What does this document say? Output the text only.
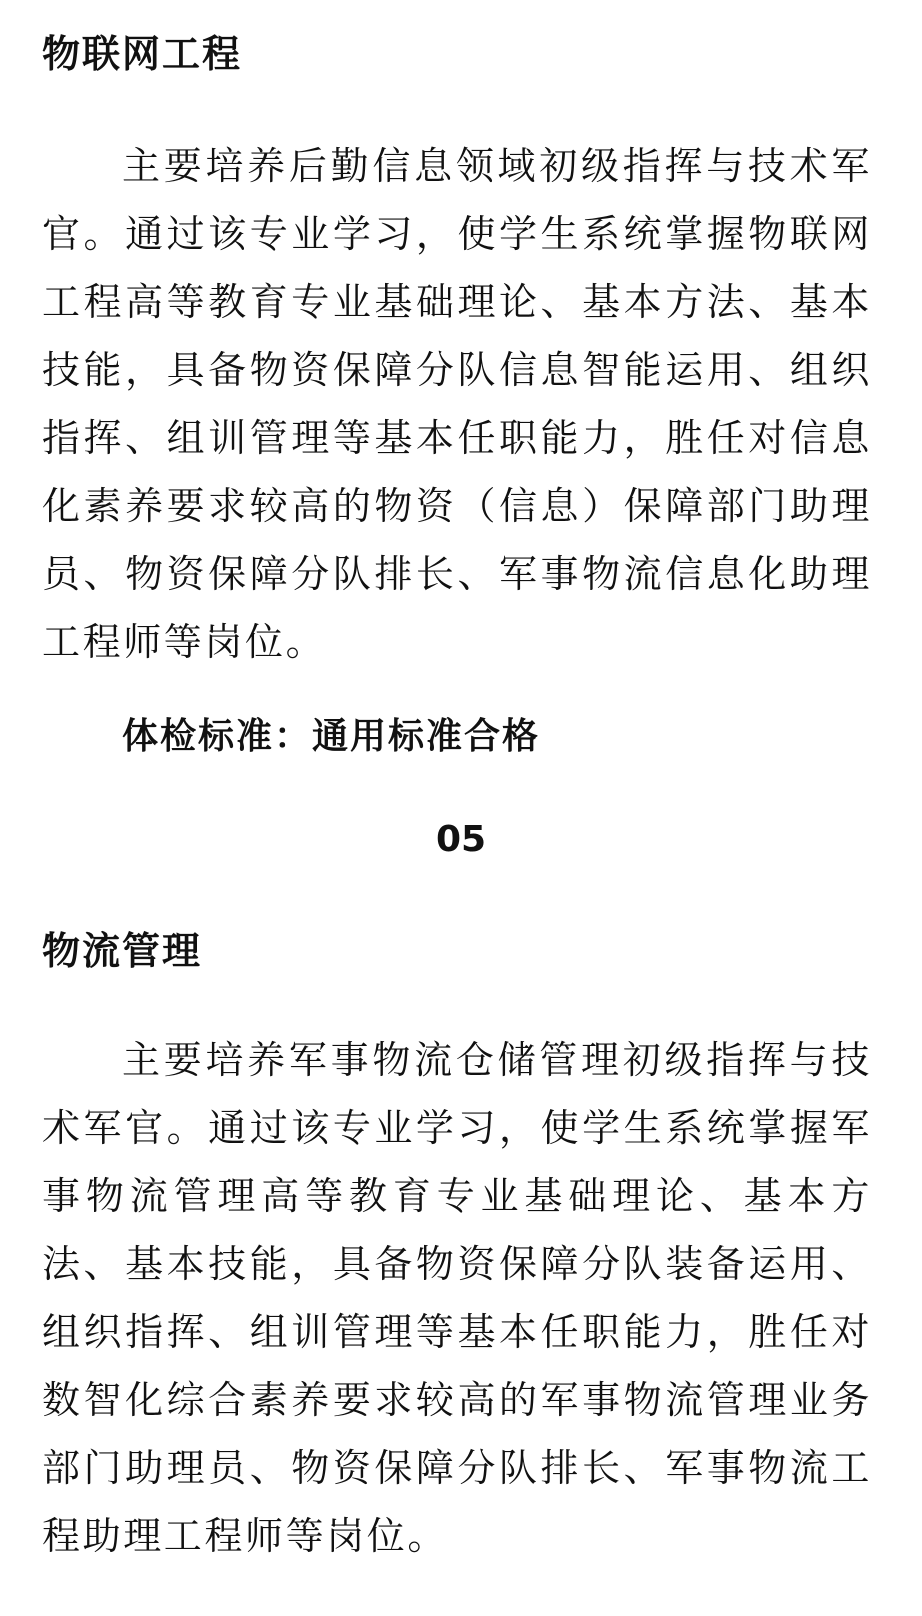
物联网工程

主要培养后勤信息领域初级指挥与技术军官。通过该专业学习，使学生系统掌握物联网工程高等教育专业基础理论、基本方法、基本技能，具备物资保障分队信息智能运用、组织指挥、组训管理等基本任职能力，胜任对信息化素养要求较高的物资（信息）保障部门助理员、物资保障分队排长、军事物流信息化助理工程师等岗位。

体检标准：通用标准合格

05

物流管理

主要培养军事物流仓储管理初级指挥与技术军官。通过该专业学习，使学生系统掌握军事物流管理高等教育专业基础理论、基本方法、基本技能，具备物资保障分队装备运用、组织指挥、组训管理等基本任职能力，胜任对数智化综合素养要求较高的军事物流管理业务部门助理员、物资保障分队排长、军事物流工程助理工程师等岗位。
